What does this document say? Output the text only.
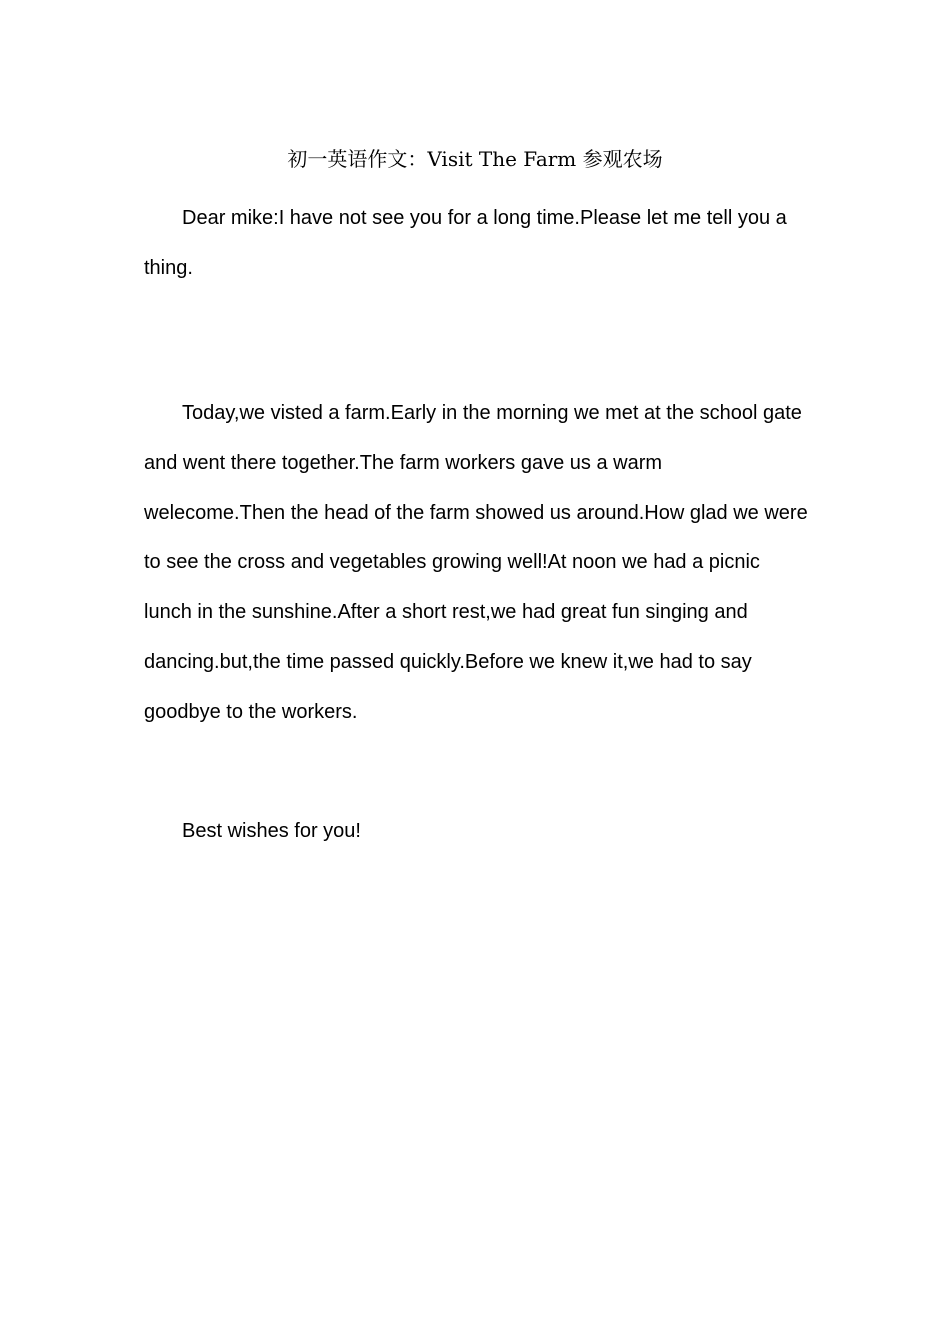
初一英语作文：Visit The Farm 参观农场

Dear mike:I have not see you for a long time.Please let me tell you a thing.

Today,we visted a farm.Early in the morning we met at the school gate and went there together.The farm workers gave us a warm welecome.Then the head of the farm showed us around.How glad we were to see the cross and vegetables growing well!At noon we had a picnic lunch in the sunshine.After a short rest,we had great fun singing and dancing.but,the time passed quickly.Before we knew it,we had to say goodbye to the workers.

Best wishes for you!
